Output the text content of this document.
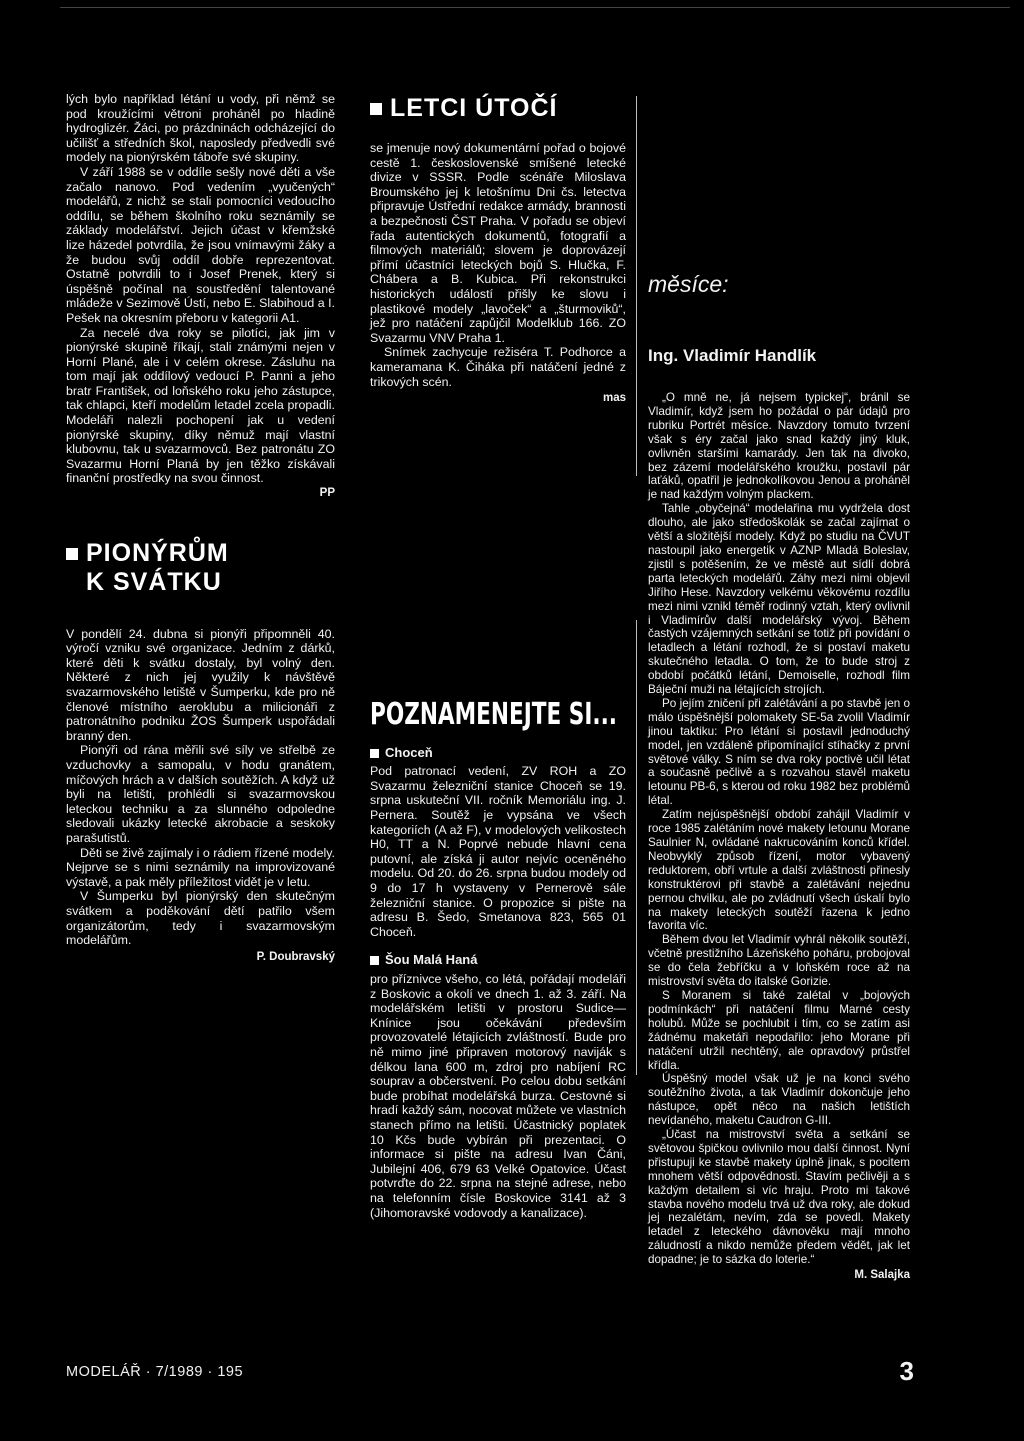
lých bylo například létání u vody, při němž se pod kroužícími větroni proháněl po hladině hydroglizér. Žáci, po prázdninách odcházející do učilišť a středních škol, naposledy předvedli své modely na pionýrském táboře své skupiny.

V září 1988 se v oddíle sešly nové děti a vše začalo nanovo. Pod vedením „vyučených“ modelářů, z nichž se stali pomocníci vedoucího oddílu, se během školního roku seznámily se základy modelářství. Jejich účast v křemžské lize házedel potvrdila, že jsou vnímavými žáky a že budou svůj oddíl dobře reprezentovat. Ostatně potvrdili to i Josef Prenek, který si úspěšně počínal na soustředění talentované mládeže v Sezimově Ústí, nebo E. Slabihoud a I. Pešek na okresním přeboru v kategorii A1.

Za necelé dva roky se pilotíci, jak jim v pionýrské skupině říkají, stali známými nejen v Horní Plané, ale i v celém okrese. Zásluhu na tom mají jak oddílový vedoucí P. Panni a jeho bratr František, od loňského roku jeho zástupce, tak chlapci, kteří modelům letadel zcela propadli. Modeláři nalezli pochopení jak u vedení pionýrské skupiny, díky němuž mají vlastní klubovnu, tak u svazarmovců. Bez patronátu ZO Svazarmu Horní Planá by jen těžko získávali finanční prostředky na svou činnost.

PP
PIONÝRŮM
K SVÁTKU

V pondělí 24. dubna si pionýři připomněli 40. výročí vzniku své organizace. Jedním z dárků, které děti k svátku dostaly, byl volný den. Některé z nich jej využily k návštěvě svazarmovského letiště v Šumperku, kde pro ně členové místního aeroklubu a milicionáři z patronátního podniku ŽOS Šumperk uspořádali branný den.

Pionýři od rána měřili své síly ve střelbě ze vzduchovky a samopalu, v hodu granátem, míčových hrách a v dalších soutěžích. A když už byli na letišti, prohlédli si svazarmovskou leteckou techniku a za slunného odpoledne sledovali ukázky letecké akrobacie a seskoky parašutistů.

Děti se živě zajímaly i o rádiem řízené modely. Nejprve se s nimi seznámily na improvizované výstavě, a pak měly příležitost vidět je v letu.

V Šumperku byl pionýrský den skutečným svátkem a poděkování dětí patřilo všem organizátorům, tedy i svazarmovským modelářům.

P. Doubravský
LETCI ÚTOČÍ

se jmenuje nový dokumentární pořad o bojové cestě 1. československé smíšené letecké divize v SSSR. Podle scénáře Miloslava Broumského jej k letošnímu Dni čs. letectva připravuje Ústřední redakce armády, brannosti a bezpečnosti ČST Praha. V pořadu se objeví řada autentických dokumentů, fotografií a filmových materiálů; slovem je doprovázejí přímí účastníci leteckých bojů S. Hlučka, F. Chábera a B. Kubica. Při rekonstrukci historických událostí přišly ke slovu i plastikové modely „lavoček“ a „šturmoviků“, jež pro natáčení zapůjčil Modelklub 166. ZO Svazarmu VNV Praha 1.

Snímek zachycuje režiséra T. Podhorce a kameramana K. Čiháka při natáčení jedné z trikových scén.

mas
POZNAMENEJTE SI...
Choceň

Pod patronací vedení, ZV ROH a ZO Svazarmu železniční stanice Choceň se 19. srpna uskuteční VII. ročník Memoriálu ing. J. Pernera. Soutěž je vypsána ve všech kategoriích (A až F), v modelových velikostech H0, TT a N. Poprvé nebude hlavní cena putovní, ale získá ji autor nejvíc oceněného modelu. Od 20. do 26. srpna budou modely od 9 do 17 h vystaveny v Pernerově sále železniční stanice. O propozice si pište na adresu B. Šedo, Smetanova 823, 565 01 Choceň.

Šou Malá Haná

pro příznivce všeho, co létá, pořádají modeláři z Boskovic a okolí ve dnech 1. až 3. září. Na modelářském letišti v prostoru Sudice—Knínice jsou očekávání především provozovatelé létajících zvláštností. Bude pro ně mimo jiné připraven motorový naviják s délkou lana 600 m, zdroj pro nabíjení RC souprav a občerstvení. Po celou dobu setkání bude probíhat modelářská burza. Cestovné si hradí každý sám, nocovat můžete ve vlastních stanech přímo na letišti. Účastnický poplatek 10 Kčs bude vybírán při prezentaci. O informace si pište na adresu Ivan Čáni, Jubilejní 406, 679 63 Velké Opatovice. Účast potvrďte do 22. srpna na stejné adrese, nebo na telefonním čísle Boskovice 3141 až 3 (Jihomoravské vodovody a kanalizace).

měsíce:
Ing. Vladimír Handlík

„O mně ne, já nejsem typickej“, bránil se Vladimír, když jsem ho požádal o pár údajů pro rubriku Portrét měsíce. Navzdory tomuto tvrzení však s éry začal jako snad každý jiný kluk, ovlivněn staršími kamarády. Jen tak na divoko, bez zázemí modelářského kroužku, postavil pár laťáků, opatřil je jednokolíkovou Jenou a proháněl je nad každým volným plackem.

Tahle „obyčejná“ modelařina mu vydržela dost dlouho, ale jako středoškolák se začal zajímat o větší a složitější modely. Když po studiu na ČVUT nastoupil jako energetik v AZNP Mladá Boleslav, zjistil s potěšením, že ve městě aut sídlí dobrá parta leteckých modelářů. Záhy mezi nimi objevil Jiřího Hese. Navzdory velkému věkovému rozdílu mezi nimi vznikl téměř rodinný vztah, který ovlivnil i Vladimírův další modelářský vývoj. Během častých vzájemných setkání se totiž při povídání o letadlech a létání rozhodl, že si postaví maketu skutečného letadla. O tom, že to bude stroj z období počátků létání, Demoiselle, rozhodl film Báječní muži na létajících strojích.

Po jejím zničení při zalétávání a po stavbě jen o málo úspěšnější polomakety SE-5a zvolil Vladimír jinou taktiku: Pro létání si postavil jednoduchý model, jen vzdáleně připomínající stíhačky z první světové války. S ním se dva roky poctivě učil létat a současně pečlivě a s rozvahou stavěl maketu letounu PB-6, s kterou od roku 1982 bez problémů létal.

Zatím nejúspěšnější období zahájil Vladimír v roce 1985 zalétáním nové makety letounu Morane Saulnier N, ovládané nakrucováním konců křídel. Neobvyklý způsob řízení, motor vybavený reduktorem, obří vrtule a další zvláštnosti přinesly konstruktérovi při stavbě a zalétávání nejednu pernou chvilku, ale po zvládnutí všech úskalí bylo na makety leteckých soutěží řazena k jedno favorita víc.

Během dvou let Vladimír vyhrál několik soutěží, včetně prestižního Lázeňského poháru, probojoval se do čela žebříčku a v loňském roce až na mistrovství světa do italské Gorizie.

S Moranem si také zalétal v „bojových podmínkách“ při natáčení filmu Marné cesty holubů. Může se pochlubit i tím, co se zatím asi žádnému maketáři nepodařilo: jeho Morane při natáčení utržil nechtěný, ale opravdový průstřel křídla.

Úspěšný model však už je na konci svého soutěžního života, a tak Vladimír dokončuje jeho nástupce, opět něco na našich letištích nevídaného, maketu Caudron G-III.

„Účast na mistrovství světa a setkání se světovou špičkou ovlivnilo mou další činnost. Nyní přistupuji ke stavbě makety úplně jinak, s pocitem mnohem větší odpovědnosti. Stavím pečlivěji a s každým detailem si víc hraju. Proto mi takové stavba nového modelu trvá už dva roky, ale dokud jej nezalétám, nevím, zda se povedl. Makety letadel z leteckého dávnověku mají mnoho záludností a nikdo nemůže předem vědět, jak let dopadne; je to sázka do loterie.“

M. Salajka
MODELÁŘ · 7/1989 · 195	3
